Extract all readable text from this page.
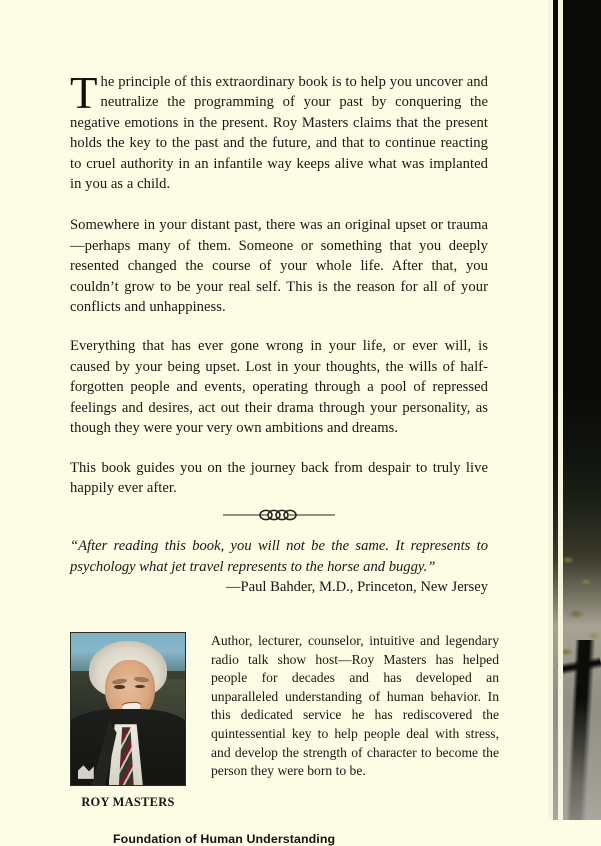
The principle of this extraordinary book is to help you uncover and neutralize the programming of your past by conquering the negative emotions in the present. Roy Masters claims that the present holds the key to the past and the future, and that to continue reacting to cruel authority in an infantile way keeps alive what was implanted in you as a child.

Somewhere in your distant past, there was an original upset or trauma—perhaps many of them. Someone or something that you deeply resented changed the course of your whole life. After that, you couldn’t grow to be your real self. This is the reason for all of your conflicts and unhappiness.

Everything that has ever gone wrong in your life, or ever will, is caused by your being upset. Lost in your thoughts, the wills of half-forgotten people and events, operating through a pool of repressed feelings and desires, act out their drama through your personality, as though they were your very own ambitions and dreams.

This book guides you on the journey back from despair to truly live happily ever after.

“After reading this book, you will not be the same. It represents to psychology what jet travel represents to the horse and buggy.”

—Paul Bahder, M.D., Princeton, New Jersey

ROY MASTERS

Author, lecturer, counselor, intuitive and legendary radio talk show host—Roy Masters has helped people for decades and has developed an unparalleled understanding of human behavior. In this dedicated service he has rediscovered the quintessential key to help people deal with stress, and develop the strength of character to become the person they were born to be.

Foundation of Human Understanding
